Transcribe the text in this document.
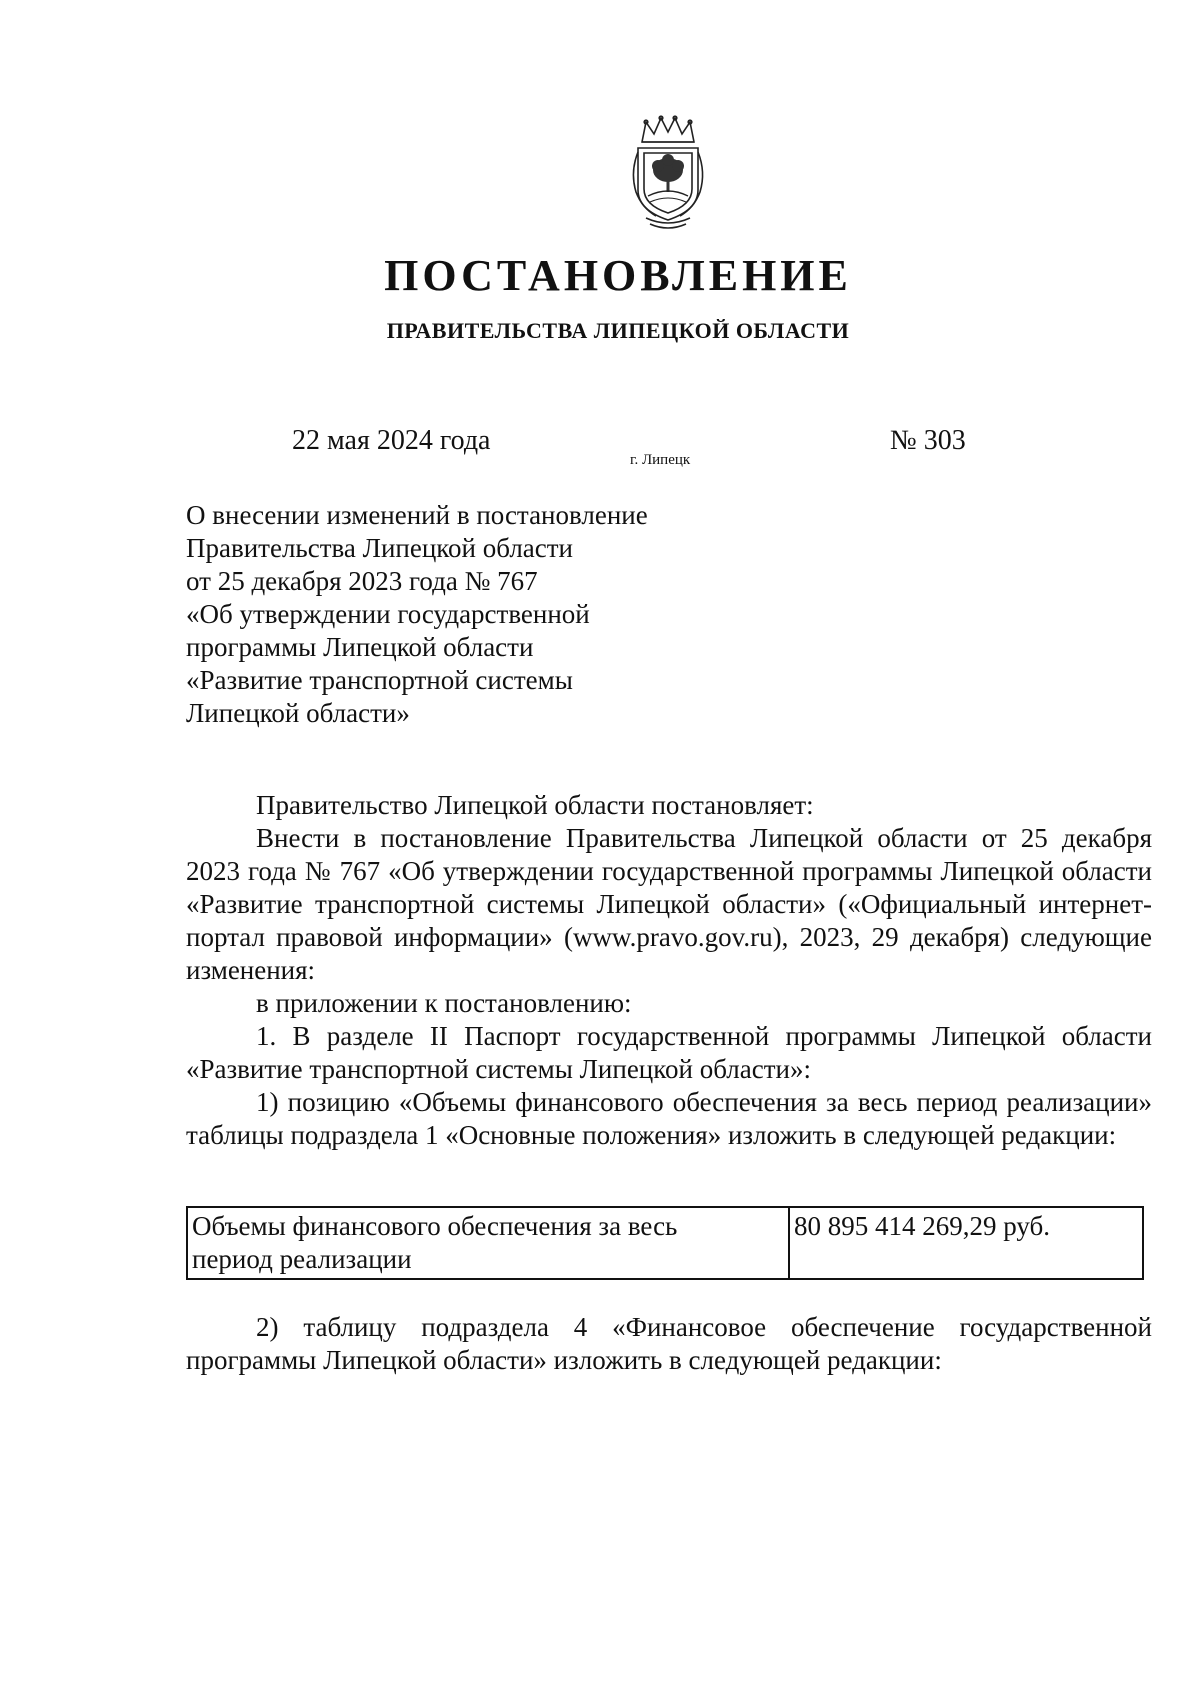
ПОСТАНОВЛЕНИЕ
ПРАВИТЕЛЬСТВА ЛИПЕЦКОЙ ОБЛАСТИ
22 мая 2024 года
г. Липецк
№ 303
О внесении изменений в постановление
Правительства Липецкой области
от 25 декабря 2023 года № 767
«Об утверждении государственной
программы Липецкой области
«Развитие транспортной системы
Липецкой области»

Правительство Липецкой области постановляет:

Внести в постановление Правительства Липецкой области от 25 декабря 2023 года № 767 «Об утверждении государственной программы Липецкой области «Развитие транспортной системы Липецкой области» («Официальный интернет-портал правовой информации» (www.pravo.gov.ru), 2023, 29 декабря) следующие изменения:

в приложении к постановлению:

1. В разделе II Паспорт государственной программы Липецкой области «Развитие транспортной системы Липецкой области»:

1) позицию «Объемы финансового обеспечения за весь период реализации» таблицы подраздела 1 «Основные положения» изложить в следующей редакции:

Объемы финансового обеспечения за весь
период реализации
	80 895 414 269,29 руб.

2) таблицу подраздела 4 «Финансовое обеспечение государственной программы Липецкой области» изложить в следующей редакции:
